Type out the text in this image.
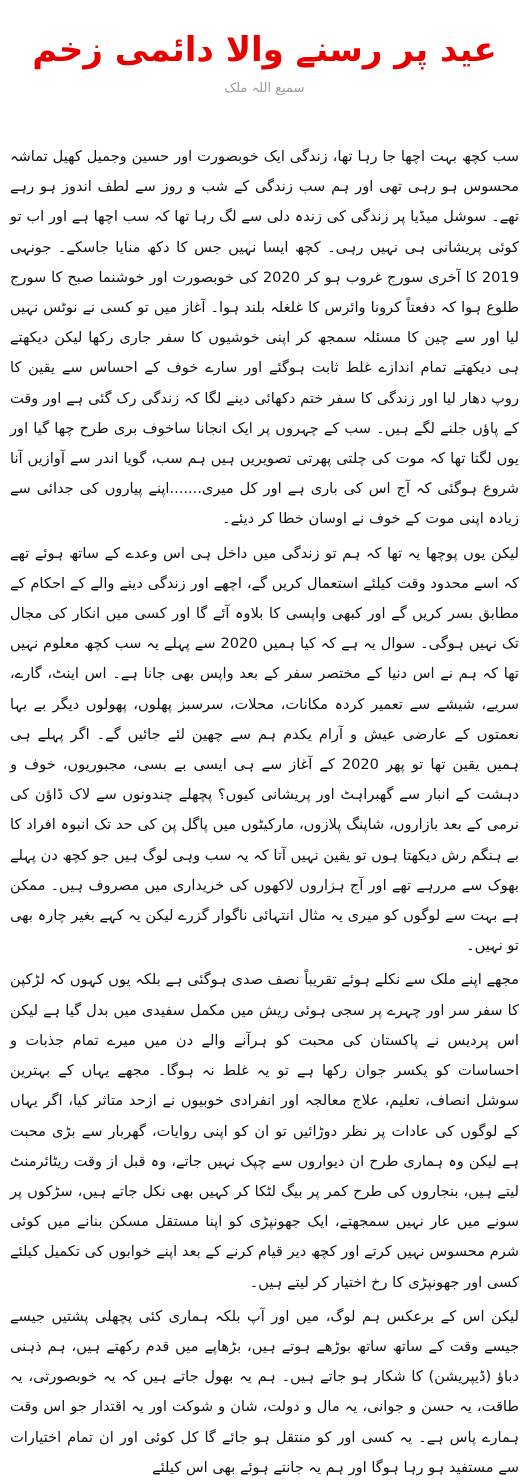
عید پر رسنے والا دائمی زخم
سمیع اللہ ملک

سب کچھ بہت اچھا جا رہا تھا، زندگی ایک خوبصورت اور حسین وجمیل کھیل تماشہ محسوس ہو رہی تھی اور ہم سب زندگی کے شب و روز سے لطف اندوز ہو رہے تھے۔ سوشل میڈیا پر زندگی کی زندہ دلی سے لگ رہا تھا کہ سب اچھا ہے اور اب تو کوئی پریشانی ہی نہیں رہی۔ کچھ ایسا نہیں جس کا دکھ منایا جاسکے۔ جونہی 2019 کا آخری سورج غروب ہو کر 2020 کی خوبصورت اور خوشنما صبح کا سورج طلوع ہوا کہ دفعتاً کرونا وائرس کا غلغلہ بلند ہوا۔ آغاز میں تو کسی نے نوٹس نہیں لیا اور سے چین کا مسئلہ سمجھ کر اپنی خوشیوں کا سفر جاری رکھا لیکن دیکھتے ہی دیکھتے تمام اندازے غلط ثابت ہوگئے اور سارے خوف کے احساس سے یقین کا روپ دھار لیا اور زندگی کا سفر ختم دکھائی دینے لگا کہ زندگی رک گئی ہے اور وقت کے پاؤں جلنے لگے ہیں۔ سب کے چہروں پر ایک انجانا ساخوف بری طرح چھا گیا اور یوں لگتا تھا کہ موت کی چلتی پھرتی تصویریں ہیں ہم سب، گویا اندر سے آوازیں آنا شروع ہوگئی کہ آج اس کی باری ہے اور کل میری.......اپنے پیاروں کی جدائی سے زیادہ اپنی موت کے خوف نے اوسان خطا کر دیئے۔

لیکن یوں پوچھا یہ تھا کہ ہم تو زندگی میں داخل ہی اس وعدے کے ساتھ ہوئے تھے کہ اسے محدود وقت کیلئے استعمال کریں گے، اچھے اور زندگی دینے والے کے احکام کے مطابق بسر کریں گے اور کبھی واپسی کا بلاوہ آئے گا اور کسی میں انکار کی مجال تک نہیں ہوگی۔ سوال یہ ہے کہ کیا ہمیں 2020 سے پہلے یہ سب کچھ معلوم نہیں تھا کہ ہم نے اس دنیا کے مختصر سفر کے بعد واپس بھی جانا ہے۔ اس اینٹ، گارے، سریے، شیشے سے تعمیر کردہ مکانات، محلات، سرسبز پھلوں، پھولوں دیگر بے بہا نعمتوں کے عارضی عیش و آرام یکدم ہم سے چھین لئے جائیں گے۔ اگر پہلے ہی ہمیں یقین تھا تو پھر 2020 کے آغاز سے ہی ایسی بے بسی، مجبوریوں، خوف و دہشت کے انبار سے گھبراہٹ اور پریشانی کیوں؟ پچھلے چندونوں سے لاک ڈاؤن کی نرمی کے بعد بازاروں، شاپنگ پلازوں، مارکیٹوں میں پاگل پن کی حد تک انبوہ افراد کا بے ہنگم رش دیکھتا ہوں تو یقین نہیں آتا کہ یہ سب وہی لوگ ہیں جو کچھ دن پہلے بھوک سے مررہے تھے اور آج ہزاروں لاکھوں کی خریداری میں مصروف ہیں۔ ممکن ہے بہت سے لوگوں کو میری یہ مثال انتہائی ناگوار گزرے لیکن یہ کہے بغیر چارہ بھی تو نہیں۔

مجھے اپنے ملک سے نکلے ہوئے تقریباً نصف صدی ہوگئی ہے بلکہ یوں کہوں کہ لڑکپن کا سفر سر اور چہرے پر سجی ہوئی ریش میں مکمل سفیدی میں بدل گیا ہے لیکن اس پردیس نے پاکستان کی محبت کو ہرآنے والے دن میں میرے تمام جذبات و احساسات کو یکسر جوان رکھا ہے تو یہ غلط نہ ہوگا۔ مجھے یہاں کے بہترین سوشل انصاف، تعلیم، علاج معالجہ اور انفرادی خوبیوں نے ازحد متاثر کیا، اگر یہاں کے لوگوں کی عادات پر نظر دوڑائیں تو ان کو اپنی روایات، گھربار سے بڑی محبت ہے لیکن وہ ہماری طرح ان دیواروں سے چپک نہیں جاتے، وہ قبل از وقت ریٹائرمنٹ لیتے ہیں، بنجاروں کی طرح کمر پر بیگ لٹکا کر کہیں بھی نکل جاتے ہیں، سڑکوں پر سونے میں عار نہیں سمجھتے، ایک جھونپڑی کو اپنا مستقل مسکن بنانے میں کوئی شرم محسوس نہیں کرتے اور کچھ دیر قیام کرنے کے بعد اپنے خوابوں کی تکمیل کیلئے کسی اور جھونپڑی کا رخ اختیار کر لیتے ہیں۔

لیکن اس کے برعکس ہم لوگ، میں اور آپ بلکہ ہماری کئی پچھلی پشتیں جیسے جیسے وقت کے ساتھ ساتھ بوڑھے ہوتے ہیں، بڑھاپے میں قدم رکھتے ہیں، ہم ذہنی دباؤ (ڈیپریشن) کا شکار ہو جاتے ہیں۔ ہم یہ بھول جاتے ہیں کہ یہ خوبصورتی، یہ طاقت، یہ حسن و جوانی، یہ مال و دولت، شان و شوکت اور یہ اقتدار جو اس وقت ہمارے پاس ہے۔ یہ کسی اور کو منتقل ہو جائے گا کل کوئی اور ان تمام اختیارات سے مستفید ہو رہا ہوگا اور ہم یہ جانتے ہوئے بھی اس کیلئے
